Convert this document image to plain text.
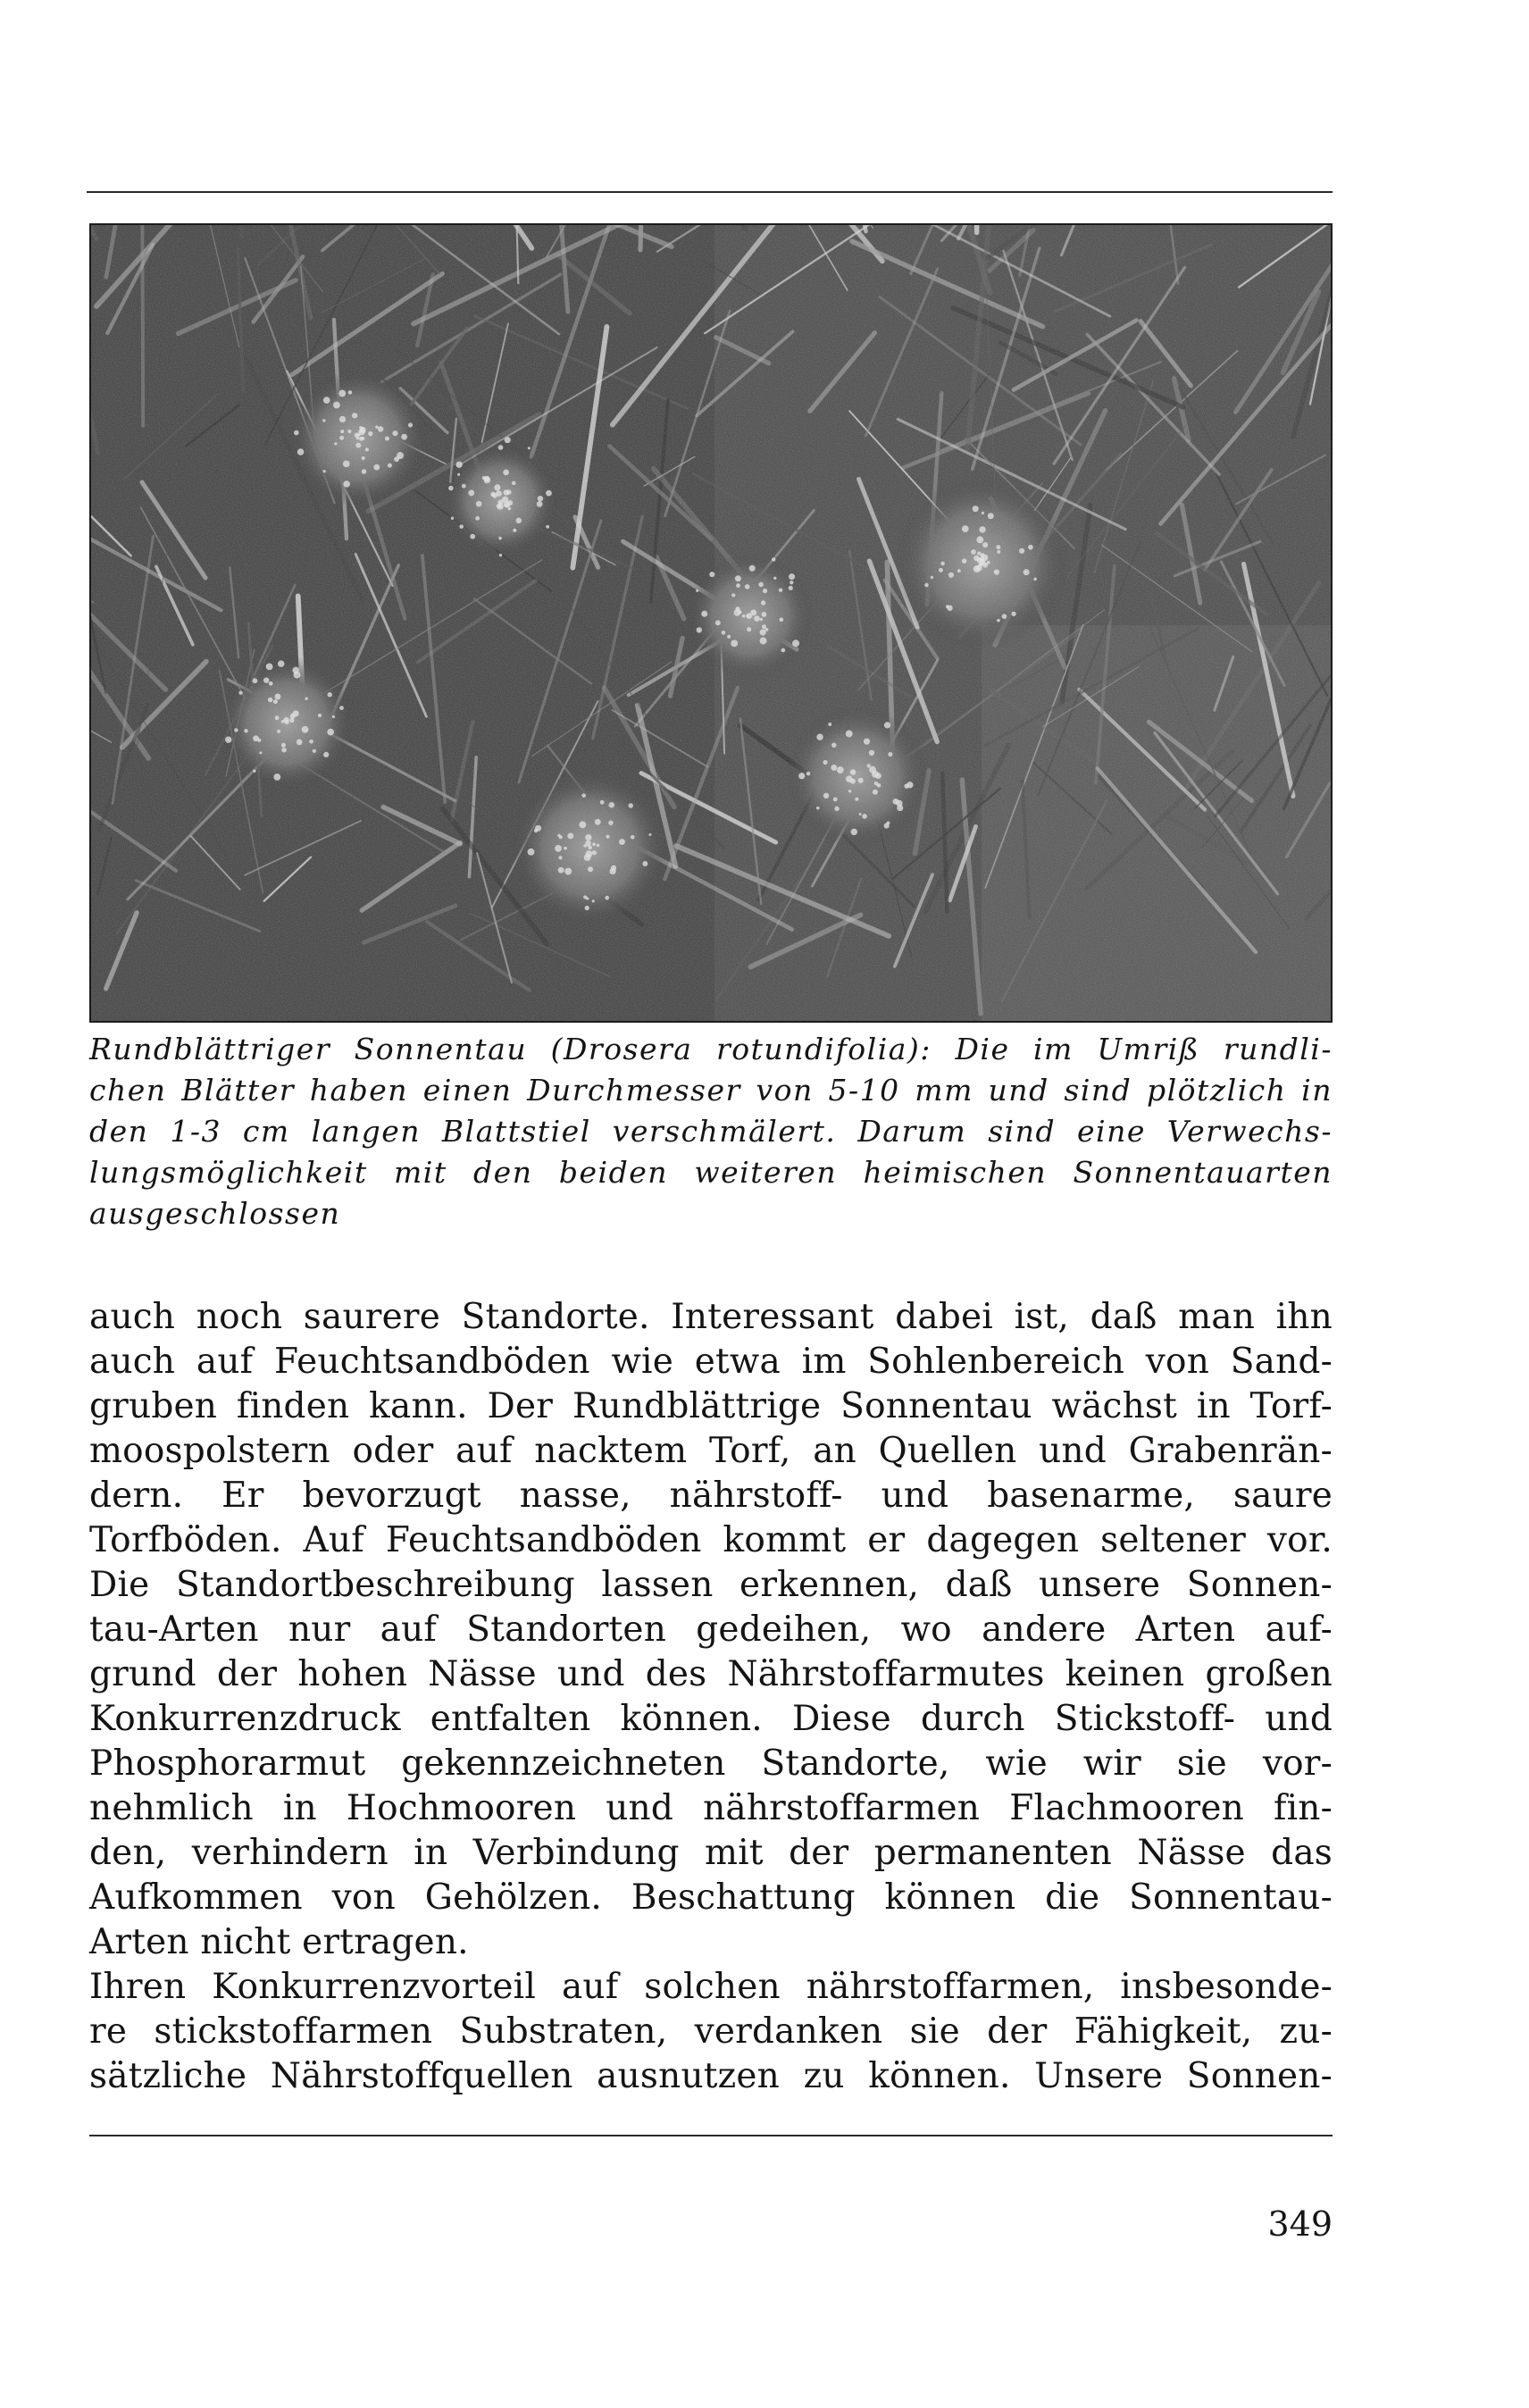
Rundblättriger Sonnentau (Drosera rotundifolia): Die im Umriß rundli-
chen Blätter haben einen Durchmesser von 5-10 mm und sind plötzlich in
den 1-3 cm langen Blattstiel verschmälert. Darum sind eine Verwechs-
lungsmöglichkeit mit den beiden weiteren heimischen Sonnentauarten
ausgeschlossen
auch noch saurere Standorte. Interessant dabei ist, daß man ihn
auch auf Feuchtsandböden wie etwa im Sohlenbereich von Sand-
gruben finden kann. Der Rundblättrige Sonnentau wächst in Torf-
moospolstern oder auf nacktem Torf, an Quellen und Grabenrän-
dern. Er bevorzugt nasse, nährstoff- und basenarme, saure
Torfböden. Auf Feuchtsandböden kommt er dagegen seltener vor.
Die Standortbeschreibung lassen erkennen, daß unsere Sonnen-
tau-Arten nur auf Standorten gedeihen, wo andere Arten auf-
grund der hohen Nässe und des Nährstoffarmutes keinen großen
Konkurrenzdruck entfalten können. Diese durch Stickstoff- und
Phosphorarmut gekennzeichneten Standorte, wie wir sie vor-
nehmlich in Hochmooren und nährstoffarmen Flachmooren fin-
den, verhindern in Verbindung mit der permanenten Nässe das
Aufkommen von Gehölzen. Beschattung können die Sonnentau-
Arten nicht ertragen.
Ihren Konkurrenzvorteil auf solchen nährstoffarmen, insbesonde-
re stickstoffarmen Substraten, verdanken sie der Fähigkeit, zu-
sätzliche Nährstoffquellen ausnutzen zu können. Unsere Sonnen-
349
